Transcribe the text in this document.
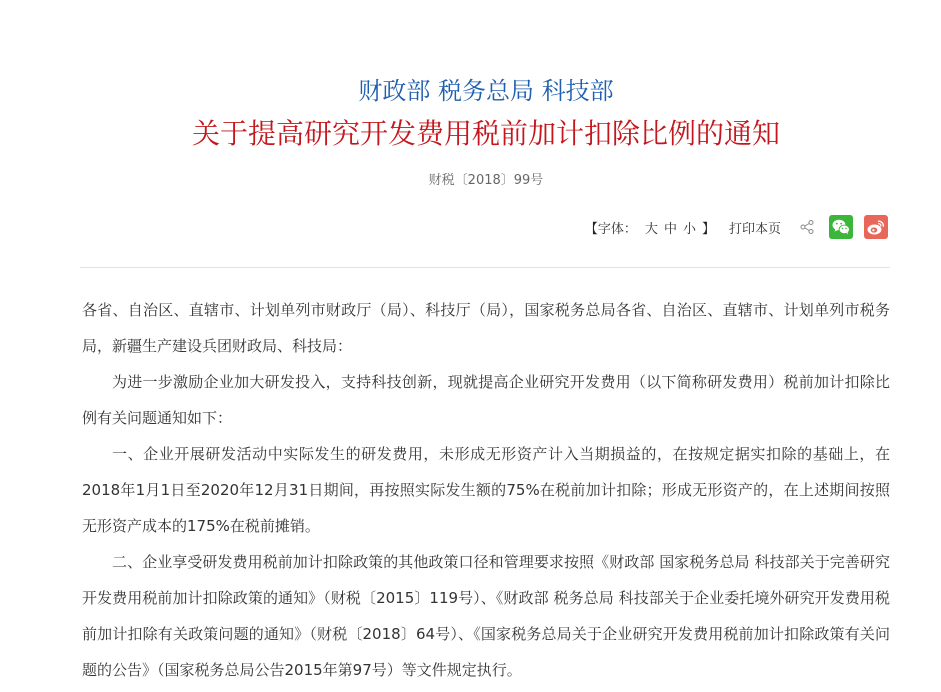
财政部 税务总局 科技部
关于提高研究开发费用税前加计扣除比例的通知
财税〔2018〕99号
【 字体： 大 中 小 】 打印本页

各省、自治区、直辖市、计划单列市财政厅（局）、科技厅（局），国家税务总局各省、自治区、直辖市、计划单列市税务局，新疆生产建设兵团财政局、科技局：

为进一步激励企业加大研发投入，支持科技创新，现就提高企业研究开发费用（以下简称研发费用）税前加计扣除比例有关问题通知如下：

一、企业开展研发活动中实际发生的研发费用，未形成无形资产计入当期损益的，在按规定据实扣除的基础上，在2018年1月1日至2020年12月31日期间，再按照实际发生额的75%在税前加计扣除；形成无形资产的，在上述期间按照无形资产成本的175%在税前摊销。

二、企业享受研发费用税前加计扣除政策的其他政策口径和管理要求按照《财政部 国家税务总局 科技部关于完善研究开发费用税前加计扣除政策的通知》（财税〔2015〕119号）、《财政部 税务总局 科技部关于企业委托境外研究开发费用税前加计扣除有关政策问题的通知》（财税〔2018〕64号）、《国家税务总局关于企业研究开发费用税前加计扣除政策有关问题的公告》（国家税务总局公告2015年第97号）等文件规定执行。
